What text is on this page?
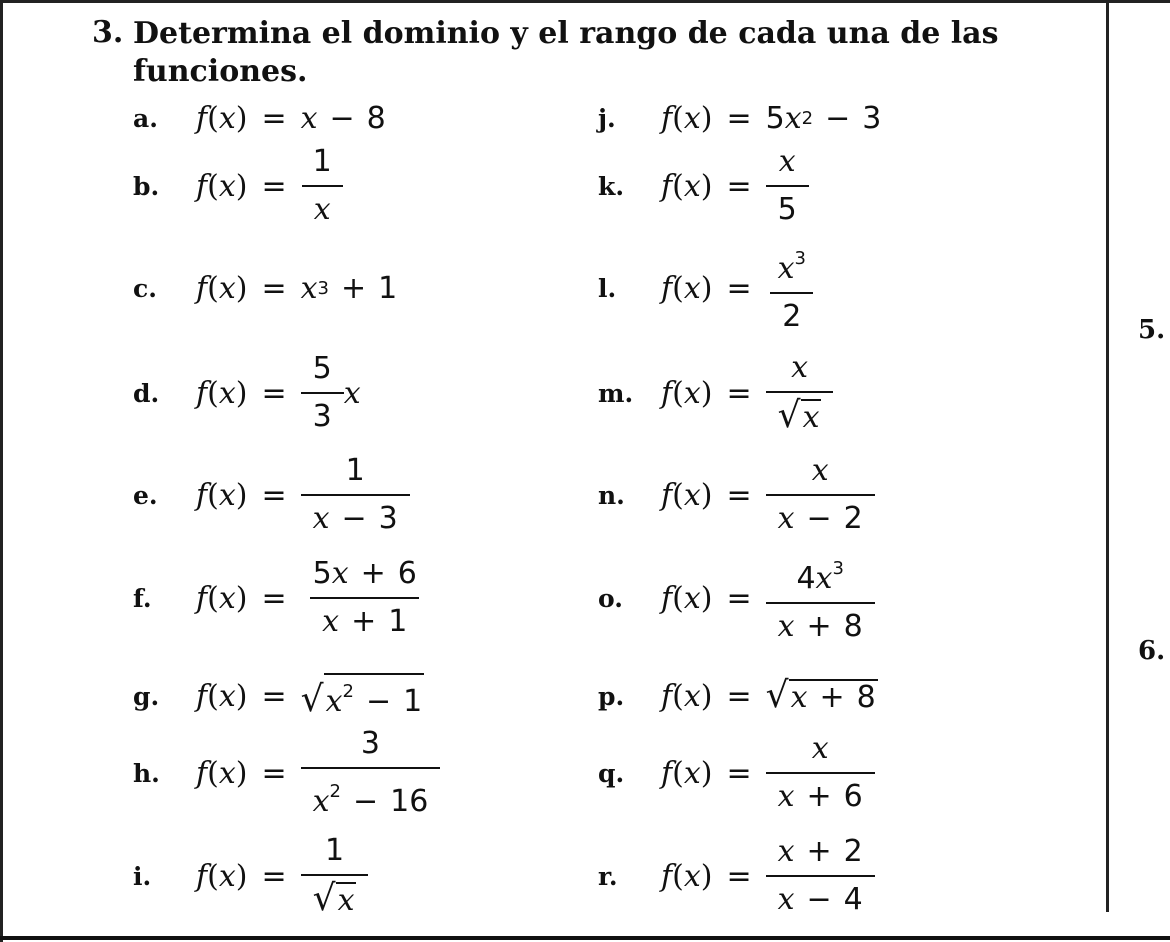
3. Determina el dominio y el rango de cada una de las funciones.
a.	f(x) = x − 8
b.	$f(x) = \frac{1}{x}$
c.	f(x) = x 3 + 1
d.	$f(x) = \frac{5}{3}$ x
e.	$f(x) = \frac{1}{x - 3}$
f.	$f(x) = \frac{5x + 6}{x + 1}$
g.	f(x) = √ $x^2 - 1$
h.	$f(x) = \frac{3}{x^2 - 16}$
i.	$f(x) = \frac{1}{√ x}$
j.	f(x) = 5 x 2 − 3
k.	$f(x) = \frac{x}{5}$
l.	$f(x) = \frac{x^3}{2}$
m. $f(x) = \frac{x}{√ x}$
n.	$f(x) = \frac{x}{x - 2}$
o.	$f(x) = \frac{4x^3}{x + 8}$
p.	f(x) = √ x + 8
q.	$f(x) = \frac{x}{x + 6}$
r.	$f(x) = \frac{x + 2}{x - 4}$
5.
6.
